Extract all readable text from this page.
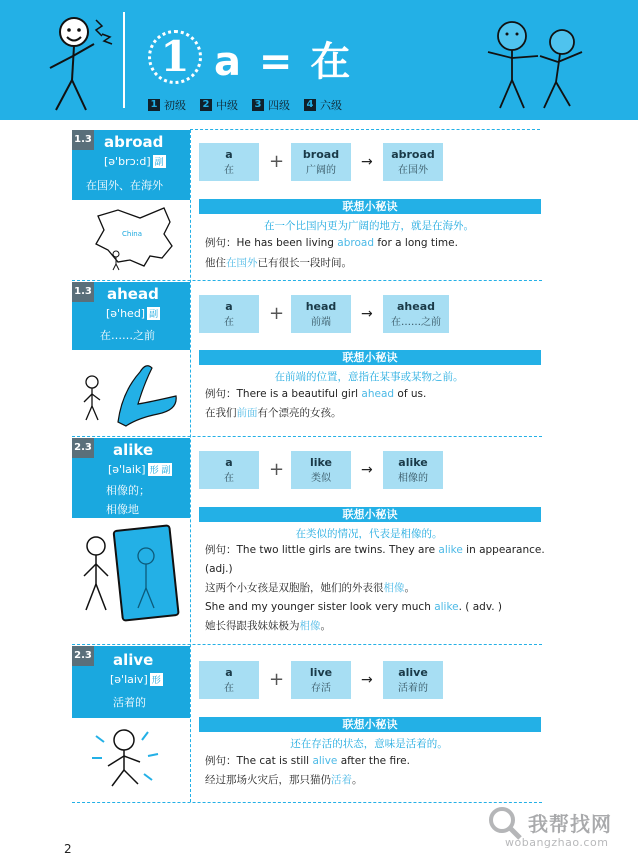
1 a = 在
1 初级 2 中级 3 四级 4 六级
1.3 abroad
[ə'brɔ:d] 副
在国外、在海外
China
a
在	+	broad
广阔的
→	abroad
在国外
联想小秘诀
在一个比国内更为广阔的地方，就是在海外。
例句：He has been living abroad for a long time.
他住在国外已有很长一段时间。
1.3 ahead
[ə'hed] 副
在……之前
a
在	+	head
前端
→	ahead
在……之前
联想小秘诀
在前端的位置，意指在某事或某物之前。
例句：There is a beautiful girl ahead of us.
在我们前面有个漂亮的女孩。
2.3 alike
[ə'laik] 形 副
相像的；
相像地
a
在	+	like
类似
→	alike
相像的
联想小秘诀
在类似的情况，代表是相像的。
例句：The two little girls are twins. They are alike in appearance.
(adj.)
这两个小女孩是双胞胎，她们的外表很相像。
She and my younger sister look very much alike. ( adv. )
她长得跟我妹妹极为相像。
2.3 alive
[ə'laiv] 形
活着的
a
在	+	live
存活
→	alive
活着的
联想小秘诀
还在存活的状态，意味是活着的。
例句：The cat is still alive after the fire.
经过那场火灾后，那只猫仍活着。
2
我帮找网
wobangzhao.com
